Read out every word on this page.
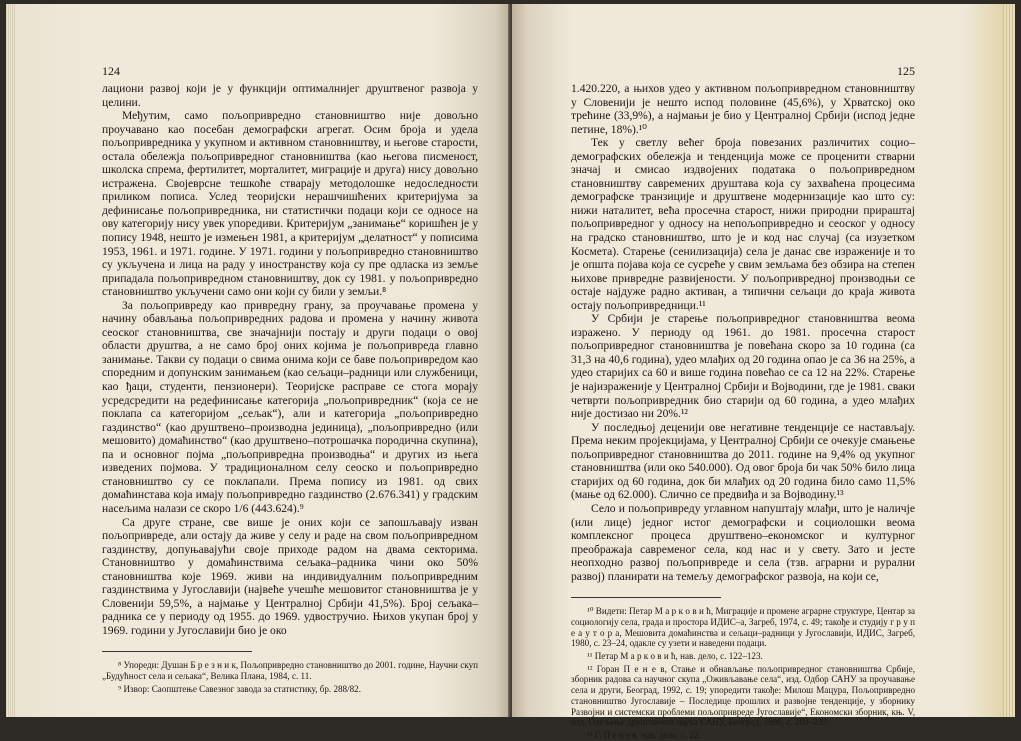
124

лациони развој који је у функцији оптималнијег друштвеног развоја у целини.

Међутим, само пољопривредно становништво није довољно проучавано као посебан демографски агрегат. Осим броја и удела пољопривредника у укупном и активном становништву, и његове старости, остала обележја пољопривредног становништва (као његова писменост, школска спрема, фертилитет, морталитет, миграције и друга) нису довољно истражена. Својеврсне тешкоће стварају методолошке недоследности приликом пописа. Услед теоријски нерашчишћених критеријума за дефинисање пољопривредника, ни статистички подаци који се односе на ову категорију нису увек упоредиви. Критеријум „занимање“ коришћен је у попису 1948, нешто је измењен 1981, а критеријум „делатност“ у пописима 1953, 1961. и 1971. године. У 1971. години у пољопривредно становништво су укључена и лица на раду у иностранству која су пре одласка из земље припадала пољопривредном становништву, док су 1981. у пољопривредно становништво укључени само они који су били у земљи.⁸

За пољопривреду као привредну грану, за проучавање промена у начину обављања пољопривредних радова и промена у начину живота сеоског становништва, све значајнији постају и други подаци о овој области друштва, а не само број оних којима је пољопривреда главно занимање. Такви су подаци о свима онима који се баве пољопривредом као споредним и допунским занимањем (као сељаци–радници или службеници, као ђаци, студенти, пензионери). Теоријске расправе се стога морају усредсредити на редефинисање категорија „пољопривредник“ (која се не поклапа са категоријом „сељак“), али и категорија „пољопривредно газдинство“ (као друштвено–производна јединица), „пољопривредно (или мешовито) домаћинство“ (као друштвено–потрошачка породична скупина), па и основног појма „пољопривредна производња“ и других из њега изведених појмова. У традиционалном селу сеоско и пољопривредно становништво су се поклапали. Према попису из 1981. од свих домаћинстава која имају пољопривредно газдинство (2.676.341) у градским насељима налази се скоро 1/6 (443.624).⁹

Са друге стране, све више је оних који се запошљавају изван пољопривреде, али остају да живе у селу и раде на свом пољопривредном газдинству, допуњавајући своје приходе радом на двама секторима. Становништво у домаћинствима сељака–радника чини око 50% становништва које 1969. живи на индивидуалним пољопривредним газдинствима у Југославији (највеће учешће мешовитог становништва је у Словенији 59,5%, а најмање у Централној Србији 41,5%). Број сељака–радника се у периоду од 1955. до 1969. удвостручио. Њихов укупан број у 1969. години у Југославији био је око

⁸ Упореди: Душан Б р е з н и к, Пољопривредно становништво до 2001. године, Научни скуп „Будућност села и сељака“, Велика Плана, 1984, с. 11.

⁹ Извор: Саопштење Савезног завода за статистику, бр. 288/82.

125

1.420.220, а њихов удео у активном пољопривредном становништву у Словенији је нешто испод половине (45,6%), у Хрватској око трећине (33,9%), а најмањи је био у Централној Србији (испод једне петине, 18%).¹⁰

Тек у светлу већег броја повезаних различитих социо–демографских обележја и тенденција може се проценити стварни значај и смисао издвојених података о пољопривредном становништву савремених друштава која су захваћена процесима демографске транзиције и друштвене модернизације као што су: нижи наталитет, већа просечна старост, нижи природни прираштај пољопривредног у односу на непољопривредно и сеоског у односу на градско становништво, што је и код нас случај (са изузетком Космета). Старење (сенилизација) села је данас све израженије и то је општа појава која се сусреће у свим земљама без обзира на степен њихове привредне развијености. У пољопривредној производњи се остаје најдуже радно активан, а типични сељаци до краја живота остају пољопривредници.¹¹

У Србији је старење пољопривредног становништва веома изражено. У периоду од 1961. до 1981. просечна старост пољопривредног становништва је повећана скоро за 10 година (са 31,3 на 40,6 година), удео млађих од 20 година опао је са 36 на 25%, а удео старијих са 60 и више година повећао се са 12 на 22%. Старење је најизраженије у Централној Србији и Војводини, где је 1981. сваки четврти пољопривредник био старији од 60 година, а удео млађих није достизао ни 20%.¹²

У последњој деценији ове негативне тенденције се настављају. Према неким пројекцијама, у Централној Србији се очекује смањење пољопривредног становништва до 2011. године на 9,4% од укупног становништва (или око 540.000). Од овог броја би чак 50% било лица старијих од 60 година, док би млађих од 20 година било само 11,5% (мање од 62.000). Слично се предвиђа и за Војводину.¹³

Село и пољопривреду углавном напуштају млађи, што је наличје (или лице) једног истог демографски и социолошки веома комплексног процеса друштвено–економског и културног преображаја савременог села, код нас и у свету. Зато и јесте неопходно развој пољопривреде и села (тзв. аграрни и рурални развој) планирати на темељу демографског развоја, на који се,

¹⁰ Видети: Петар М а р к о в и ћ, Миграције и промене аграрне структуре, Центар за социологију села, града и простора ИДИС–а, Загреб, 1974, с. 49; такође и студију г р у п е а у т о р а, Мешовита домаћинства и сељаци–радници у Југославији, ИДИС, Загреб, 1980, с. 23–24, одакле су узети и наведени подаци.

¹¹ Петар М а р к о в и ћ, нав. дело, с. 122–123.

¹² Горан П е н е в, Стање и обнављање пољопривредног становништва Србије, зборник радова са научног скупа „Оживљавање села“, изд. Одбор САНУ за проучавање села и други, Београд, 1992, с. 19; упоредити такође: Милош Мацура, Пољопривредно становништво Југославије – Последице прошлих и развојне тенденције, у зборнику Развојни и системски проблеми пољопривреде Југославије“, Економски зборник, књ. V, изд. Одељење друштвених наука САНУ, Београд, 1986, с. 203–237.

¹³ Г. П е н е в, нав. дело, с. 22.
